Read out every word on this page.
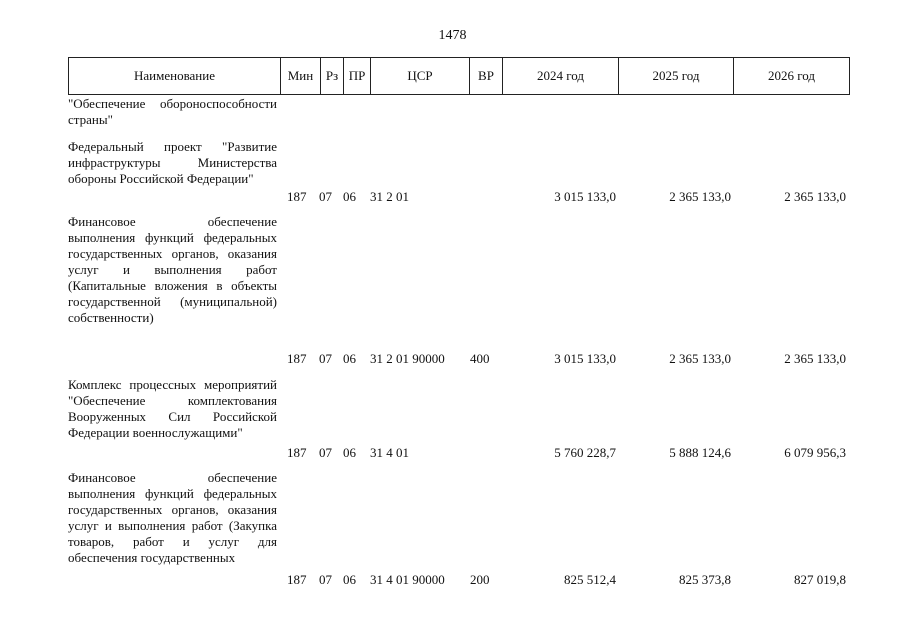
1478
Наименование	Мин Рз ПР	ЦСР	ВР	2024 год	2025 год	2026 год
"Обеспечение обороноспособности страны"
Федеральный проект "Развитие инфраструктуры Министерства обороны Российской Федерации"
187 07 06 31 2 01	3 015 133,0	2 365 133,0	2 365 133,0
Финансовое обеспечение выполнения функций федеральных государственных органов, оказания услуг и выполнения работ (Капитальные вложения в объекты государственной (муниципальной) собственности)
187 07 06 31 2 01 90000 400	3 015 133,0	2 365 133,0	2 365 133,0
Комплекс процессных мероприятий "Обеспечение комплектования Вооруженных Сил Российской Федерации военнослужащими"
187 07 06 31 4 01	5 760 228,7	5 888 124,6	6 079 956,3
Финансовое обеспечение выполнения функций федеральных государственных органов, оказания услуг и выполнения работ (Закупка товаров, работ и услуг для обеспечения государственных
187 07 06 31 4 01 90000 200	825 512,4	825 373,8	827 019,8
